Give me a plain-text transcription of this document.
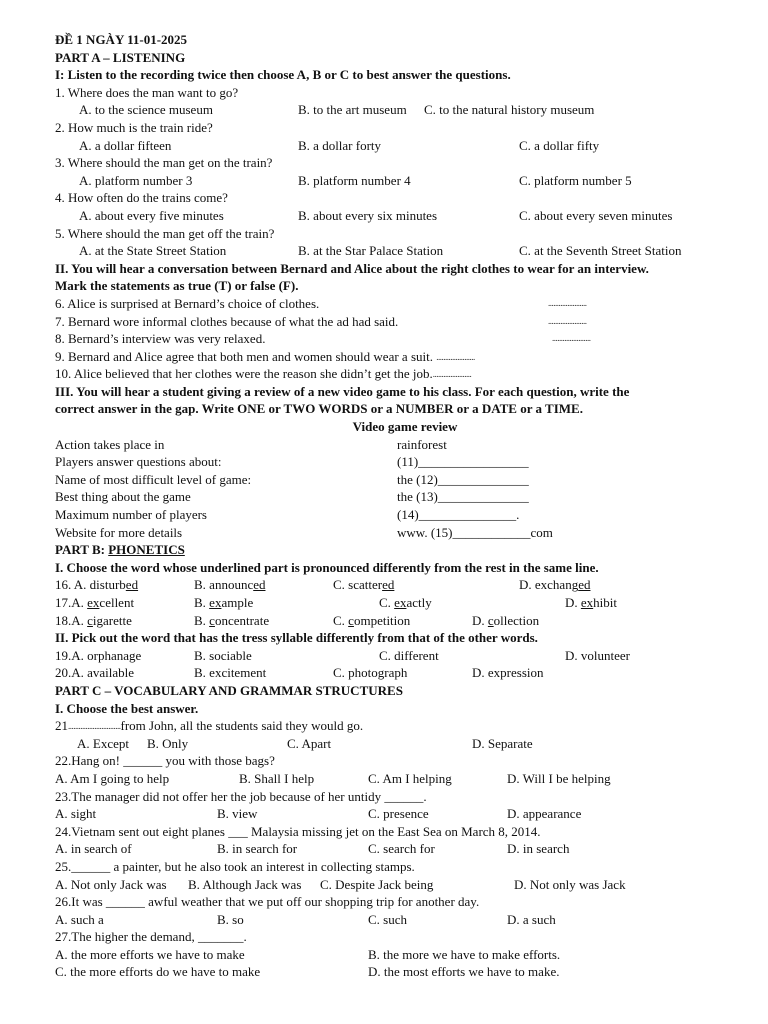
ĐỀ 1 NGÀY 11-01-2025
PART A – LISTENING
I: Listen to the recording twice then choose A, B or C to best answer the questions.
1. Where does the man want to go?
A. to the science museum	B. to the art museum C. to the natural history museum
2. How much is the train ride?
A. a dollar fifteen	B. a dollar forty	C. a dollar fifty
3. Where should the man get on the train?
A. platform number 3	B. platform number 4	C. platform number 5
4. How often do the trains come?
A. about every five minutes	B. about every six minutes	C. about every seven minutes
5. Where should the man get off the train?
A. at the State Street Station	B. at the Star Palace Station	C. at the Seventh Street Station
II. You will hear a conversation between Bernard and Alice about the right clothes to wear for an interview.
Mark the statements as true (T) or false (F).
6. Alice is surprised at Bernard’s choice of clothes.	......................
7. Bernard wore informal clothes because of what the ad had said.	......................
8. Bernard’s interview was very relaxed.	......................
9. Bernard and Alice agree that both men and women should wear a suit. ......................
10. Alice believed that her clothes were the reason she didn’t get the job.......................
III. You will hear a student giving a review of a new video game to his class. For each question, write the
correct answer in the gap. Write ONE or TWO WORDS or a NUMBER or a DATE or a TIME.
Video game review
Action takes place in	rainforest
Players answer questions about:	(11)_________________
Name of most difficult level of game:	the (12)______________
Best thing about the game	the (13)______________
Maximum number of players	(14)_______________.
Website for more details	www. (15)____________com
PART B: PHONETICS
I. Choose the word whose underlined part is pronounced differently from the rest in the same line.
16. A. disturbed	B. announced	C. scattered	D. exchanged
17.A. excellent	B. example	C. exactly	D. exhibit
18.A. cigarette	B. concentrate	C. competition	D. collection
II. Pick out the word that has the tress syllable differently from that of the other words.
19.A. orphanage	B. sociable	C. different	D. volunteer
20.A. available	B. excitement	C. photograph	D. expression
PART C – VOCABULARY AND GRAMMAR STRUCTURES
I. Choose the best answer.
21..............................from John, all the students said they would go.
A. Except B. Only	C. Apart	D. Separate
22.Hang on! ______ you with those bags?
A. Am I going to help	B. Shall I help	C. Am I helping	D. Will I be helping
23.The manager did not offer her the job because of her untidy ______.
A. sight	B. view	C. presence	D. appearance
24.Vietnam sent out eight planes ___ Malaysia missing jet on the East Sea on March 8, 2014.
A. in search of	B. in search for	C. search for	D. in search
25.______ a painter, but he also took an interest in collecting stamps.
A. Not only Jack was B. Although Jack was C. Despite Jack being	D. Not only was Jack
26.It was ______ awful weather that we put off our shopping trip for another day.
A. such a	B. so	C. such	D. a such
27.The higher the demand, _______.
A. the more efforts we have to make	B. the more we have to make efforts.
C. the more efforts do we have to make	D. the most efforts we have to make.
